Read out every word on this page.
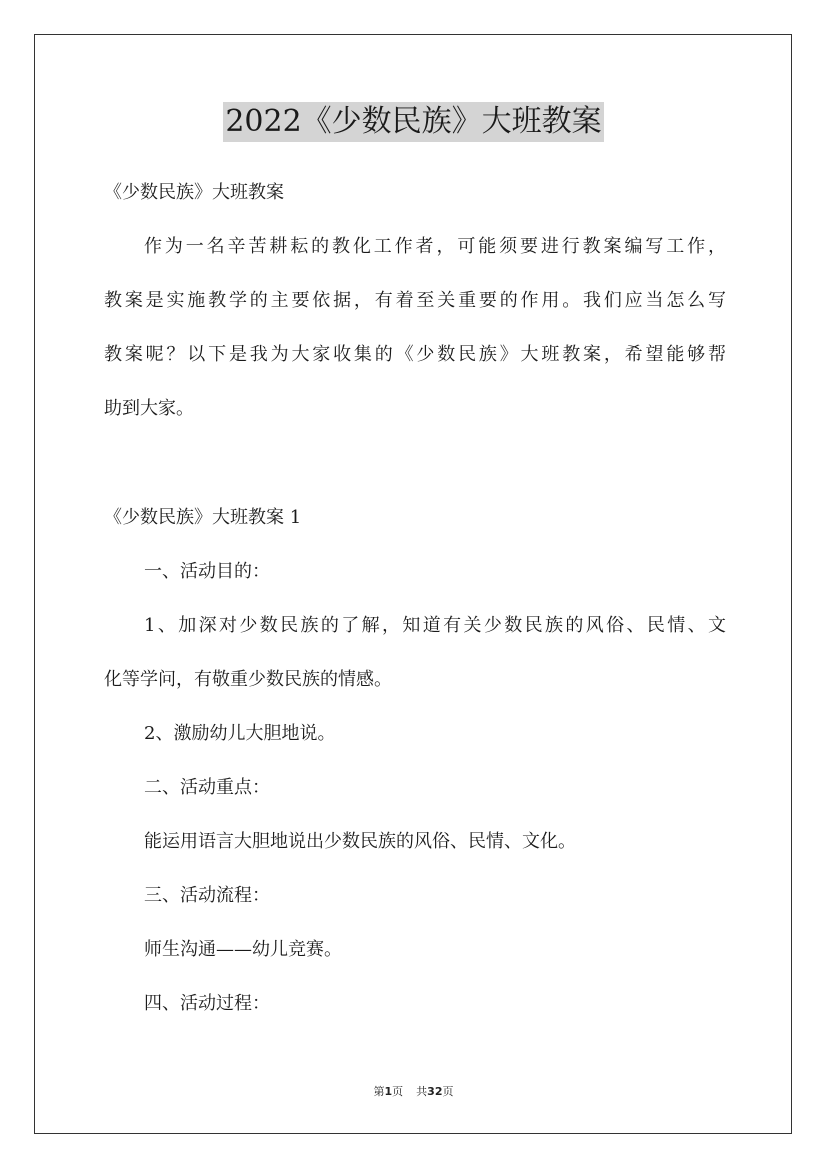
2022《少数民族》大班教案
《少数民族》大班教案
作为一名辛苦耕耘的教化工作者，可能须要进行教案编写工作，
教案是实施教学的主要依据，有着至关重要的作用。我们应当怎么写
教案呢？以下是我为大家收集的《少数民族》大班教案，希望能够帮
助到大家。
《少数民族》大班教案 1
一、活动目的：
1、加深对少数民族的了解，知道有关少数民族的风俗、民情、文
化等学问，有敬重少数民族的情感。
2、激励幼儿大胆地说。
二、活动重点：
能运用语言大胆地说出少数民族的风俗、民情、文化。
三、活动流程：
师生沟通——幼儿竞赛。
四、活动过程：
第1页 共32页
